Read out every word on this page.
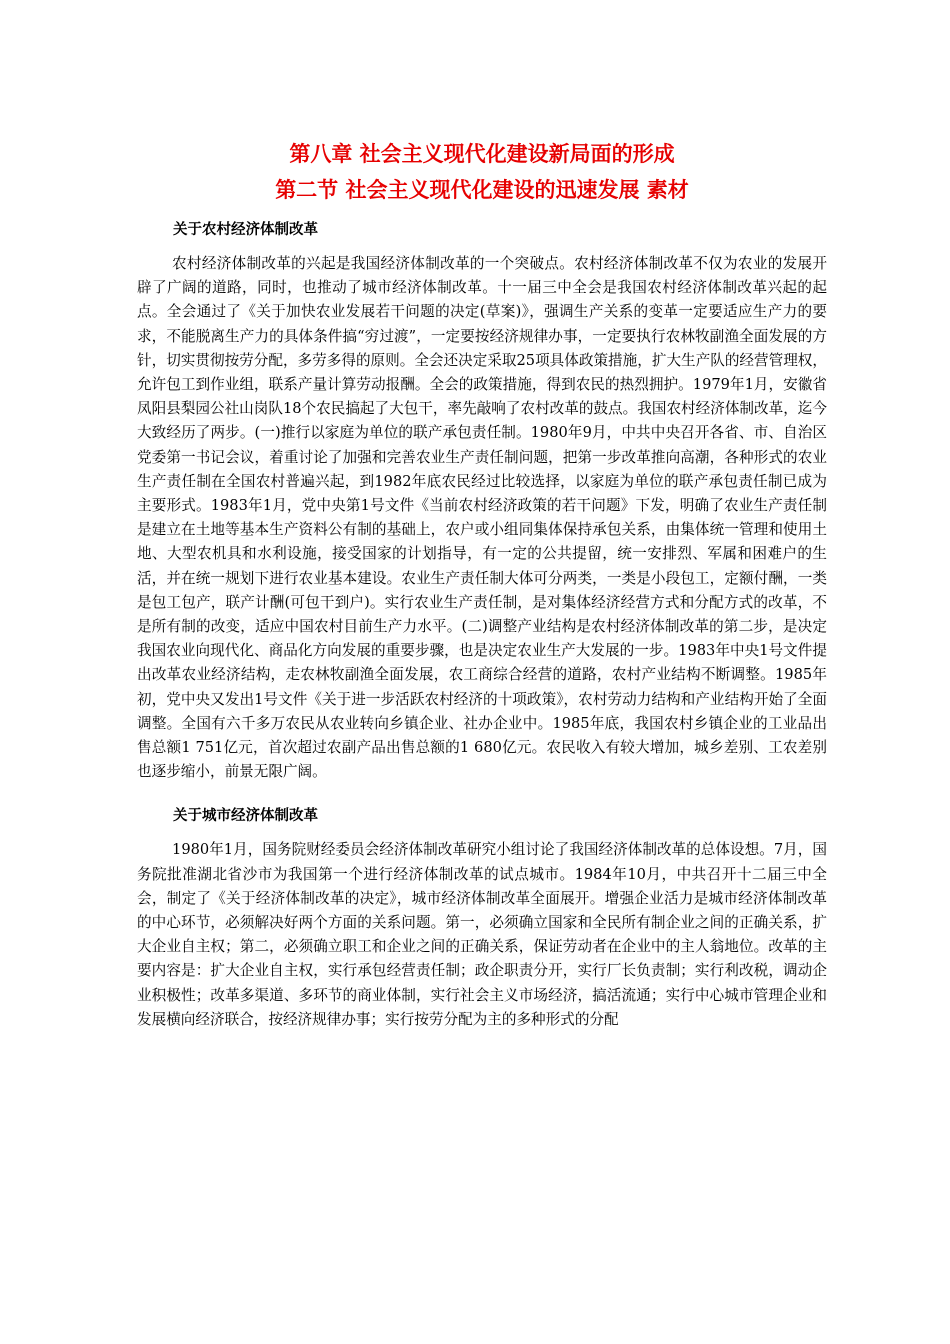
第八章 社会主义现代化建设新局面的形成
第二节 社会主义现代化建设的迅速发展 素材
关于农村经济体制改革

农村经济体制改革的兴起是我国经济体制改革的一个突破点。农村经济体制改革不仅为农业的发展开辟了广阔的道路，同时，也推动了城市经济体制改革。十一届三中全会是我国农村经济体制改革兴起的起点。全会通过了《关于加快农业发展若干问题的决定(草案)》，强调生产关系的变革一定要适应生产力的要求，不能脱离生产力的具体条件搞“穷过渡”，一定要按经济规律办事，一定要执行农林牧副渔全面发展的方针，切实贯彻按劳分配，多劳多得的原则。全会还决定采取25项具体政策措施，扩大生产队的经营管理权，允许包工到作业组，联系产量计算劳动报酬。全会的政策措施，得到农民的热烈拥护。1979年1月，安徽省凤阳县梨园公社山岗队18个农民搞起了大包干，率先敲响了农村改革的鼓点。我国农村经济体制改革，迄今大致经历了两步。(一)推行以家庭为单位的联产承包责任制。1980年9月，中共中央召开各省、市、自治区党委第一书记会议，着重讨论了加强和完善农业生产责任制问题，把第一步改革推向高潮，各种形式的农业生产责任制在全国农村普遍兴起，到1982年底农民经过比较选择，以家庭为单位的联产承包责任制已成为主要形式。1983年1月，党中央第1号文件《当前农村经济政策的若干问题》下发，明确了农业生产责任制是建立在土地等基本生产资料公有制的基础上，农户或小组同集体保持承包关系，由集体统一管理和使用土地、大型农机具和水利设施，接受国家的计划指导，有一定的公共提留，统一安排烈、军属和困难户的生活，并在统一规划下进行农业基本建设。农业生产责任制大体可分两类，一类是小段包工，定额付酬，一类是包工包产，联产计酬(可包干到户)。实行农业生产责任制，是对集体经济经营方式和分配方式的改革，不是所有制的改变，适应中国农村目前生产力水平。(二)调整产业结构是农村经济体制改革的第二步，是决定我国农业向现代化、商品化方向发展的重要步骤，也是决定农业生产大发展的一步。1983年中央1号文件提出改革农业经济结构，走农林牧副渔全面发展，农工商综合经营的道路，农村产业结构不断调整。1985年初，党中央又发出1号文件《关于进一步活跃农村经济的十项政策》，农村劳动力结构和产业结构开始了全面调整。全国有六千多万农民从农业转向乡镇企业、社办企业中。1985年底，我国农村乡镇企业的工业品出售总额1 751亿元，首次超过农副产品出售总额的1 680亿元。农民收入有较大增加，城乡差别、工农差别也逐步缩小，前景无限广阔。

关于城市经济体制改革

1980年1月，国务院财经委员会经济体制改革研究小组讨论了我国经济体制改革的总体设想。7月，国务院批准湖北省沙市为我国第一个进行经济体制改革的试点城市。1984年10月，中共召开十二届三中全会，制定了《关于经济体制改革的决定》，城市经济体制改革全面展开。增强企业活力是城市经济体制改革的中心环节，必须解决好两个方面的关系问题。第一，必须确立国家和全民所有制企业之间的正确关系，扩大企业自主权；第二，必须确立职工和企业之间的正确关系，保证劳动者在企业中的主人翁地位。改革的主要内容是：扩大企业自主权，实行承包经营责任制；政企职责分开，实行厂长负责制；实行利改税，调动企业积极性；改革多渠道、多环节的商业体制，实行社会主义市场经济，搞活流通；实行中心城市管理企业和发展横向经济联合，按经济规律办事；实行按劳分配为主的多种形式的分配
